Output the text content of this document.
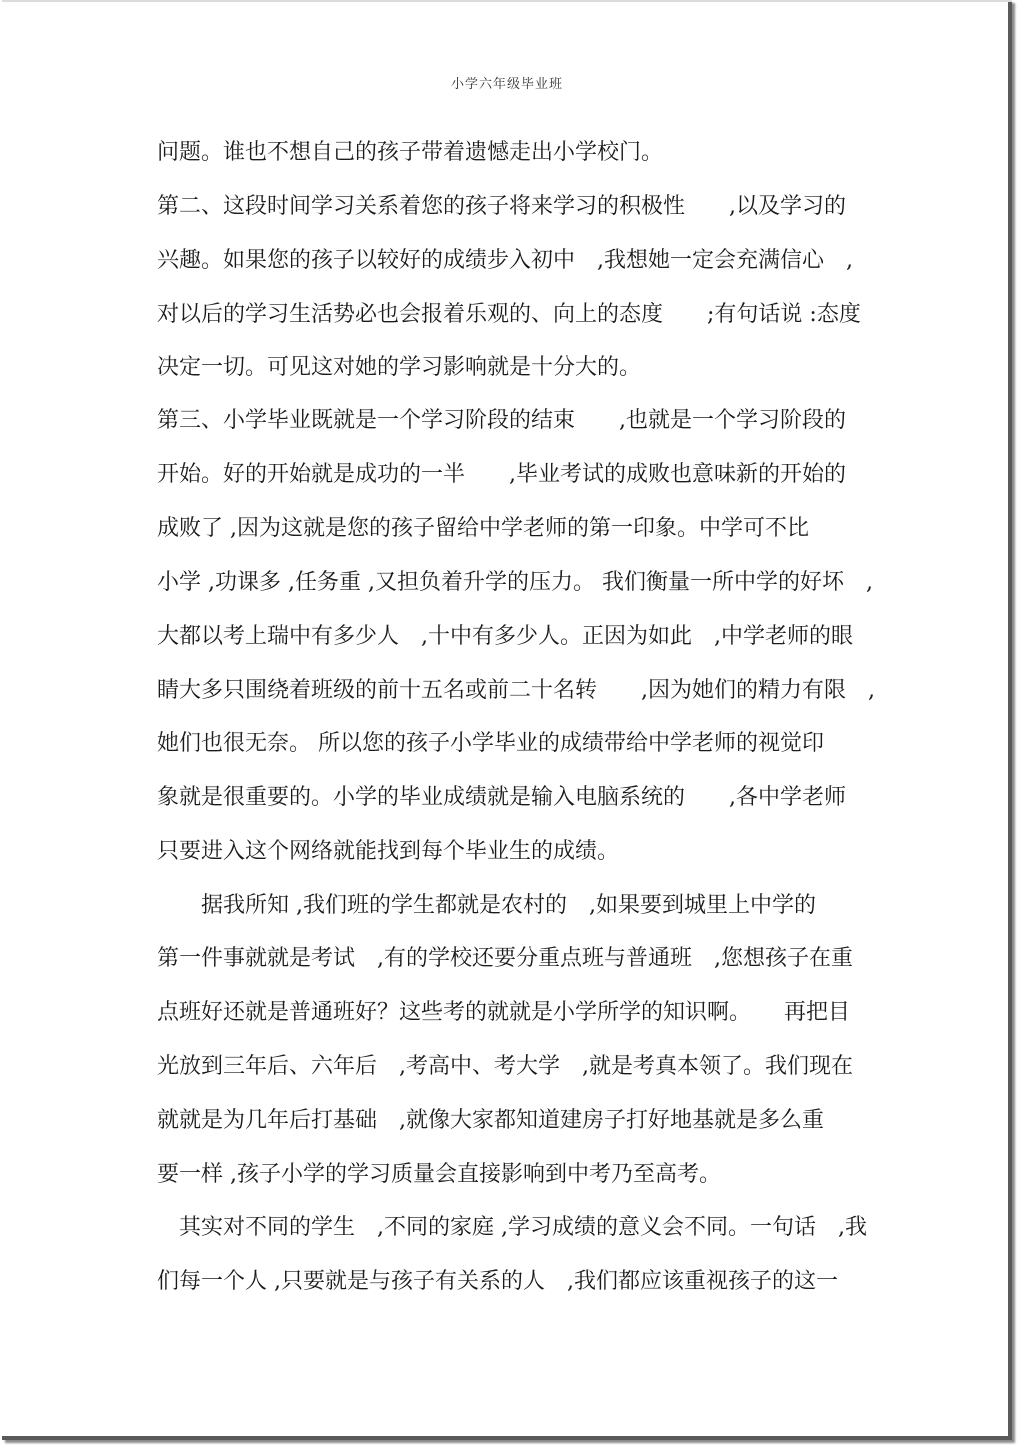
小学六年级毕业班
问题。谁也不想自己的孩子带着遗憾走出小学校门。
第二、这段时间学习关系着您的孩子将来学习的积极性　　,以及学习的
兴趣。如果您的孩子以较好的成绩步入初中　,我想她一定会充满信心　,
对以后的学习生活势必也会报着乐观的、向上的态度　　;有句话说 :态度
决定一切。可见这对她的学习影响就是十分大的。
第三、小学毕业既就是一个学习阶段的结束　　,也就是一个学习阶段的
开始。好的开始就是成功的一半　　,毕业考试的成败也意味新的开始的
成败了 ,因为这就是您的孩子留给中学老师的第一印象。中学可不比
小学 ,功课多 ,任务重 ,又担负着升学的压力。 我们衡量一所中学的好坏　,
大都以考上瑞中有多少人　,十中有多少人。正因为如此　,中学老师的眼
睛大多只围绕着班级的前十五名或前二十名转　　,因为她们的精力有限　,
她们也很无奈。 所以您的孩子小学毕业的成绩带给中学老师的视觉印
象就是很重要的。小学的毕业成绩就是输入电脑系统的　　,各中学老师
只要进入这个网络就能找到每个毕业生的成绩。
　　据我所知 ,我们班的学生都就是农村的　,如果要到城里上中学的
第一件事就就是考试　,有的学校还要分重点班与普通班　,您想孩子在重
点班好还就是普通班好？这些考的就就是小学所学的知识啊。　　再把目
光放到三年后、六年后　,考高中、考大学　,就是考真本领了。我们现在
就就是为几年后打基础　,就像大家都知道建房子打好地基就是多么重
要一样 ,孩子小学的学习质量会直接影响到中考乃至高考。
　其实对不同的学生　,不同的家庭 ,学习成绩的意义会不同。一句话　,我
们每一个人 ,只要就是与孩子有关系的人　,我们都应该重视孩子的这一
